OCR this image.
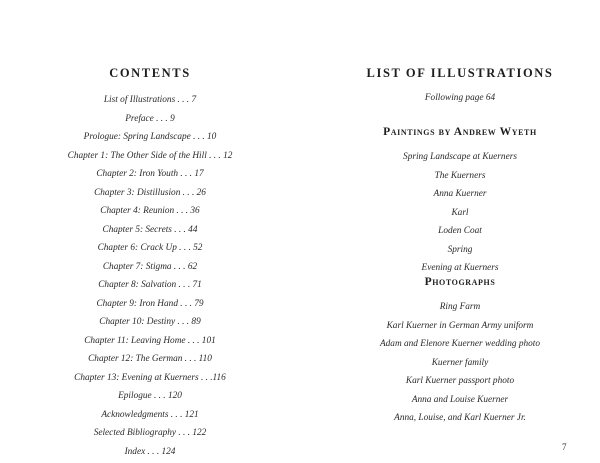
CONTENTS
List of Illustrations . . . 7
Preface . . . 9
Prologue: Spring Landscape . . . 10
Chapter 1: The Other Side of the Hill . . . 12
Chapter 2: Iron Youth . . . 17
Chapter 3: Distillusion . . . 26
Chapter 4: Reunion . . . 36
Chapter 5: Secrets . . . 44
Chapter 6: Crack Up . . . 52
Chapter 7: Stigma . . . 62
Chapter 8: Salvation . . . 71
Chapter 9: Iron Hand . . . 79
Chapter 10: Destiny . . . 89
Chapter 11: Leaving Home . . . 101
Chapter 12: The German . . . 110
Chapter 13: Evening at Kuerners . . .116
Epilogue . . . 120
Acknowledgments . . . 121
Selected Bibliography . . . 122
Index . . . 124
LIST OF ILLUSTRATIONS
Following page 64
Paintings by Andrew Wyeth
Spring Landscape at Kuerners
The Kuerners
Anna Kuerner
Karl
Loden Coat
Spring
Evening at Kuerners
Photographs
Ring Farm
Karl Kuerner in German Army uniform
Adam and Elenore Kuerner wedding photo
Kuerner family
Karl Kuerner passport photo
Anna and Louise Kuerner
Anna, Louise, and Karl Kuerner Jr.
7
